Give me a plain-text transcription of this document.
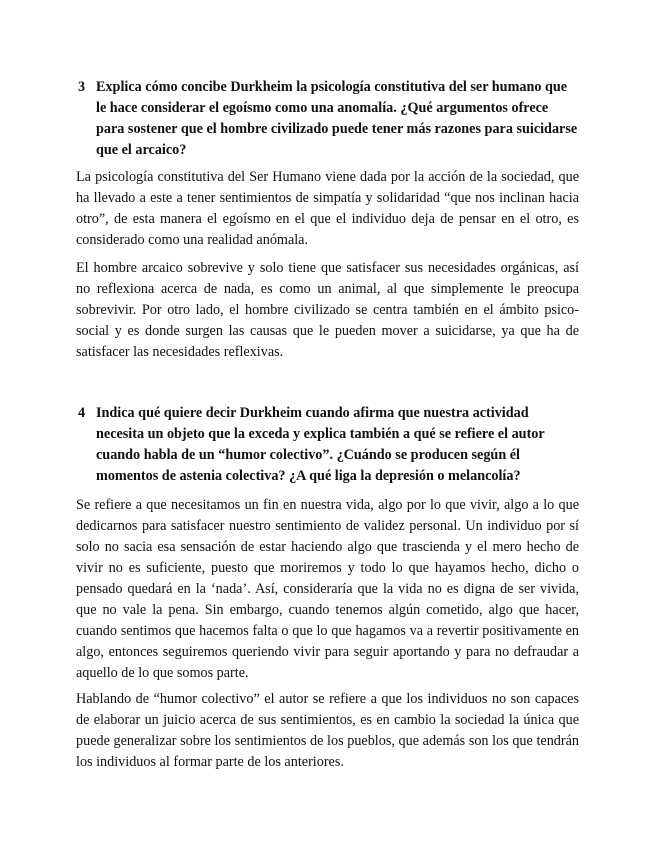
3 Explica cómo concibe Durkheim la psicología constitutiva del ser humano que le hace considerar el egoísmo como una anomalía. ¿Qué argumentos ofrece para sostener que el hombre civilizado puede tener más razones para suicidarse que el arcaico?

La psicología constitutiva del Ser Humano viene dada por la acción de la sociedad, que ha llevado a este a tener sentimientos de simpatía y solidaridad “que nos inclinan hacia otro”, de esta manera el egoísmo en el que el individuo deja de pensar en el otro, es considerado como una realidad anómala.

El hombre arcaico sobrevive y solo tiene que satisfacer sus necesidades orgánicas, así no reflexiona acerca de nada, es como un animal, al que simplemente le preocupa sobrevivir. Por otro lado, el hombre civilizado se centra también en el ámbito psico-social y es donde surgen las causas que le pueden mover a suicidarse, ya que ha de satisfacer las necesidades reflexivas.

4 Indica qué quiere decir Durkheim cuando afirma que nuestra actividad necesita un objeto que la exceda y explica también a qué se refiere el autor cuando habla de un “humor colectivo”. ¿Cuándo se producen según él momentos de astenia colectiva? ¿A qué liga la depresión o melancolía?

Se refiere a que necesitamos un fin en nuestra vida, algo por lo que vivir, algo a lo que dedicarnos para satisfacer nuestro sentimiento de validez personal. Un individuo por sí solo no sacia esa sensación de estar haciendo algo que trascienda y el mero hecho de vivir no es suficiente, puesto que moriremos y todo lo que hayamos hecho, dicho o pensado quedará en la ‘nada’. Así, consideraría que la vida no es digna de ser vivida, que no vale la pena. Sin embargo, cuando tenemos algún cometido, algo que hacer, cuando sentimos que hacemos falta o que lo que hagamos va a revertir positivamente en algo, entonces seguiremos queriendo vivir para seguir aportando y para no defraudar a aquello de lo que somos parte.

Hablando de “humor colectivo” el autor se refiere a que los individuos no son capaces de elaborar un juicio acerca de sus sentimientos, es en cambio la sociedad la única que puede generalizar sobre los sentimientos de los pueblos, que además son los que tendrán los individuos al formar parte de los anteriores.
